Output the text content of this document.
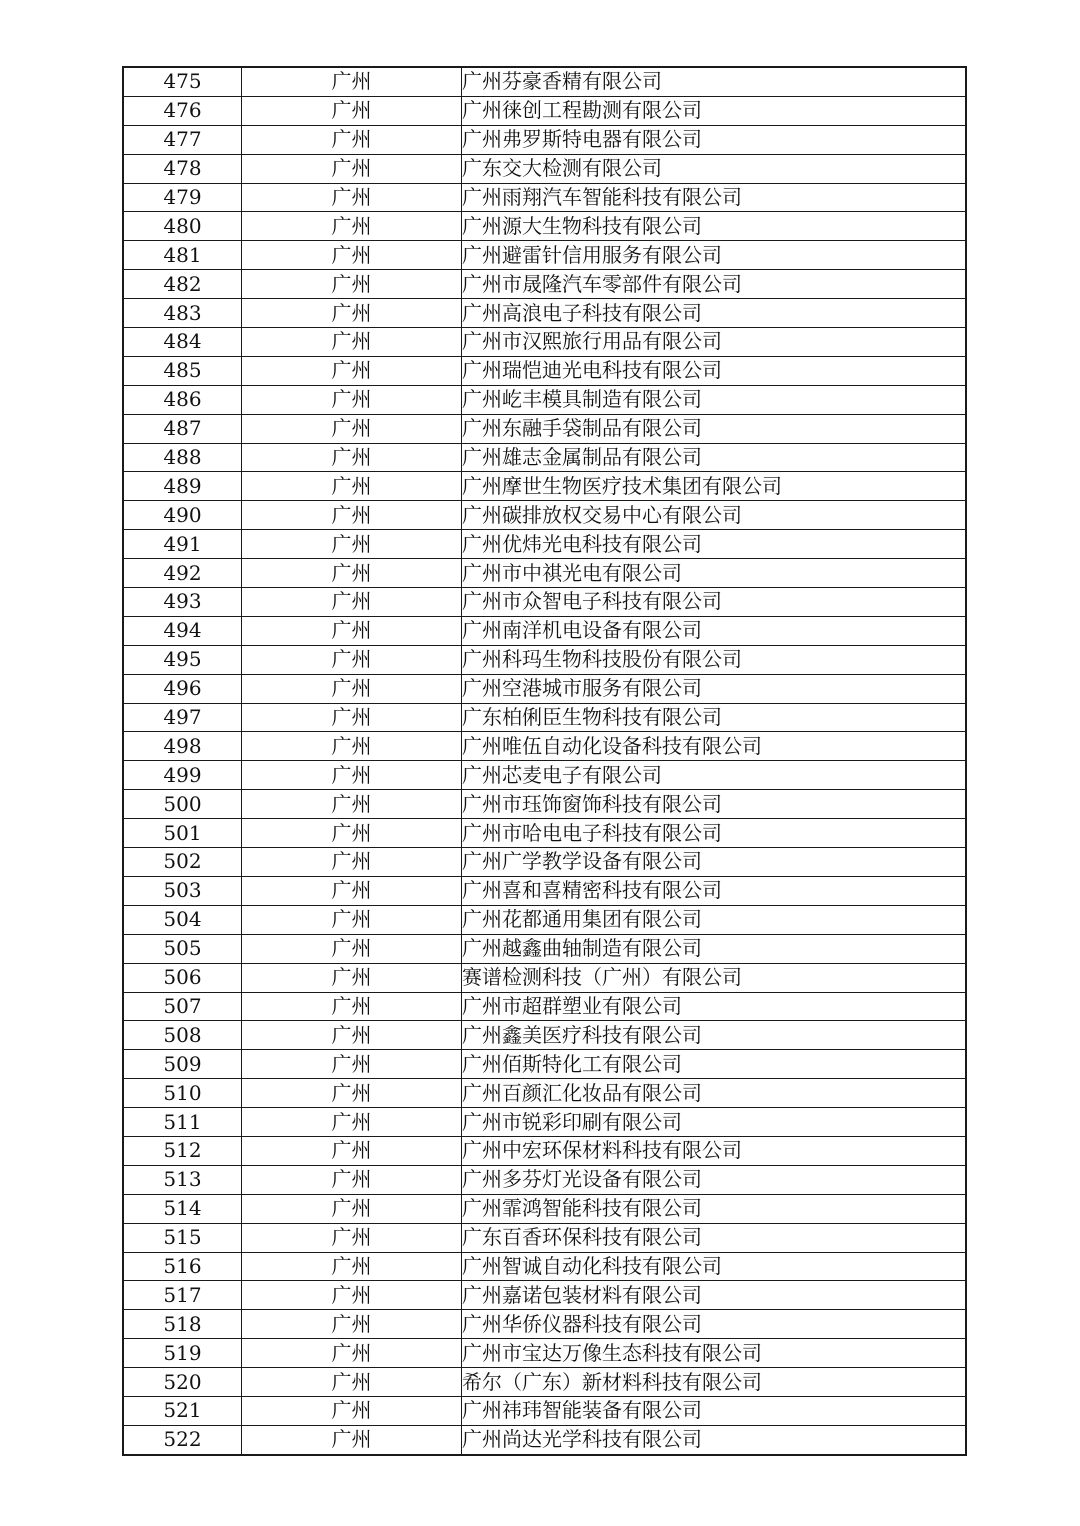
475	广州	广州芬豪香精有限公司
476	广州	广州徕创工程勘测有限公司
477	广州	广州弗罗斯特电器有限公司
478	广州	广东交大检测有限公司
479	广州	广州雨翔汽车智能科技有限公司
480	广州	广州源大生物科技有限公司
481	广州	广州避雷针信用服务有限公司
482	广州	广州市晟隆汽车零部件有限公司
483	广州	广州高浪电子科技有限公司
484	广州	广州市汉熙旅行用品有限公司
485	广州	广州瑞恺迪光电科技有限公司
486	广州	广州屹丰模具制造有限公司
487	广州	广州东融手袋制品有限公司
488	广州	广州雄志金属制品有限公司
489	广州	广州摩世生物医疗技术集团有限公司
490	广州	广州碳排放权交易中心有限公司
491	广州	广州优炜光电科技有限公司
492	广州	广州市中祺光电有限公司
493	广州	广州市众智电子科技有限公司
494	广州	广州南洋机电设备有限公司
495	广州	广州科玛生物科技股份有限公司
496	广州	广州空港城市服务有限公司
497	广州	广东柏俐臣生物科技有限公司
498	广州	广州唯伍自动化设备科技有限公司
499	广州	广州芯麦电子有限公司
500	广州	广州市珏饰窗饰科技有限公司
501	广州	广州市哈电电子科技有限公司
502	广州	广州广学教学设备有限公司
503	广州	广州喜和喜精密科技有限公司
504	广州	广州花都通用集团有限公司
505	广州	广州越鑫曲轴制造有限公司
506	广州	赛谱检测科技（广州）有限公司
507	广州	广州市超群塑业有限公司
508	广州	广州鑫美医疗科技有限公司
509	广州	广州佰斯特化工有限公司
510	广州	广州百颜汇化妆品有限公司
511	广州	广州市锐彩印刷有限公司
512	广州	广州中宏环保材料科技有限公司
513	广州	广州多芬灯光设备有限公司
514	广州	广州霏鸿智能科技有限公司
515	广州	广东百香环保科技有限公司
516	广州	广州智诚自动化科技有限公司
517	广州	广州嘉诺包装材料有限公司
518	广州	广州华侨仪器科技有限公司
519	广州	广州市宝达万像生态科技有限公司
520	广州	希尔（广东）新材料科技有限公司
521	广州	广州祎玮智能装备有限公司
522	广州	广州尚达光学科技有限公司
